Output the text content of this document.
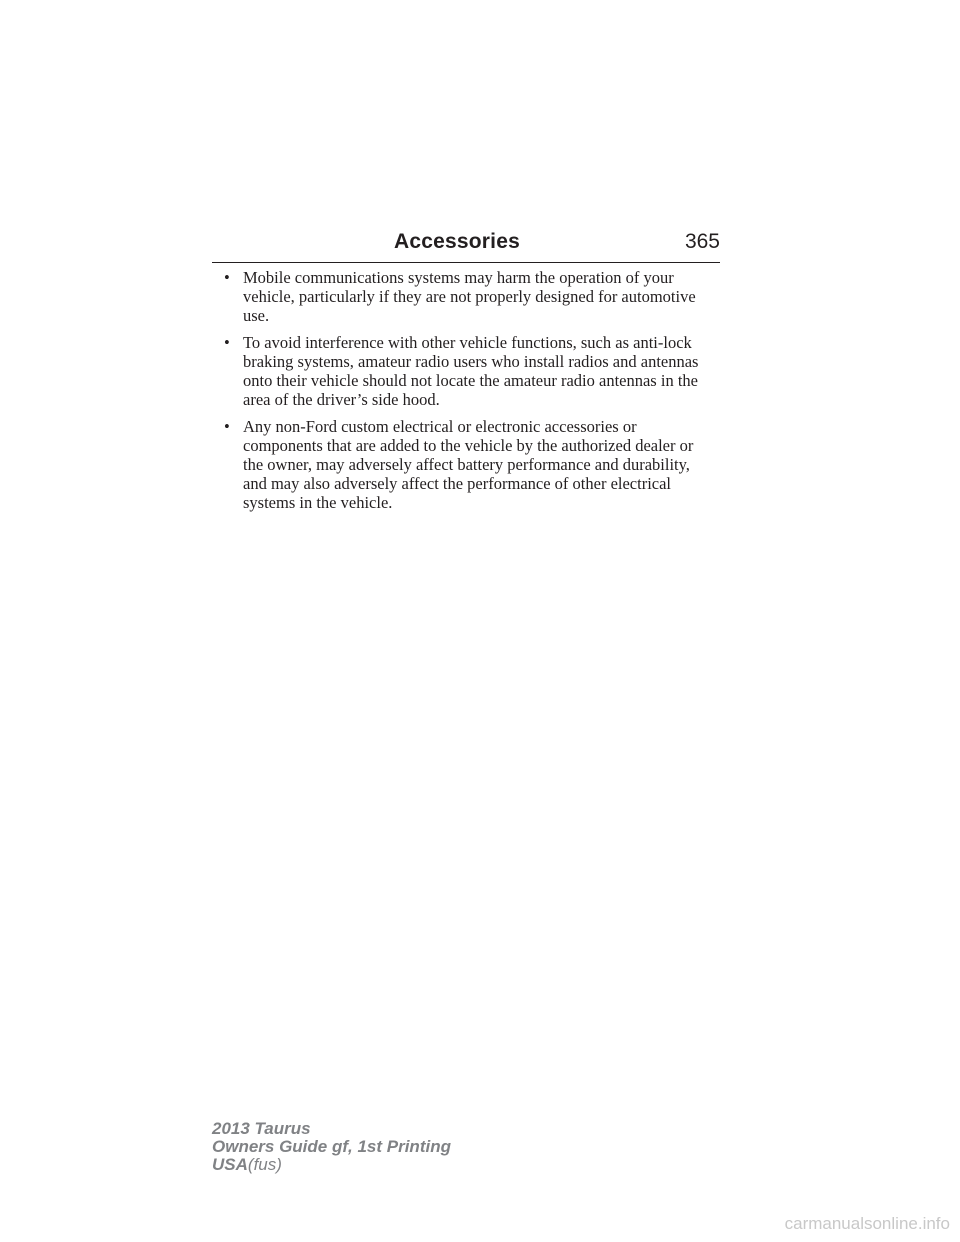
Accessories	365
• Mobile communications systems may harm the operation of your
vehicle, particularly if they are not properly designed for automotive
use.
• To avoid interference with other vehicle functions, such as anti-lock
braking systems, amateur radio users who install radios and antennas
onto their vehicle should not locate the amateur radio antennas in the
area of the driver’s side hood.
• Any non-Ford custom electrical or electronic accessories or
components that are added to the vehicle by the authorized dealer or
the owner, may adversely affect battery performance and durability,
and may also adversely affect the performance of other electrical
systems in the vehicle.
2013 Taurus
Owners Guide gf, 1st Printing
USA(fus)
carmanualsonline.info
